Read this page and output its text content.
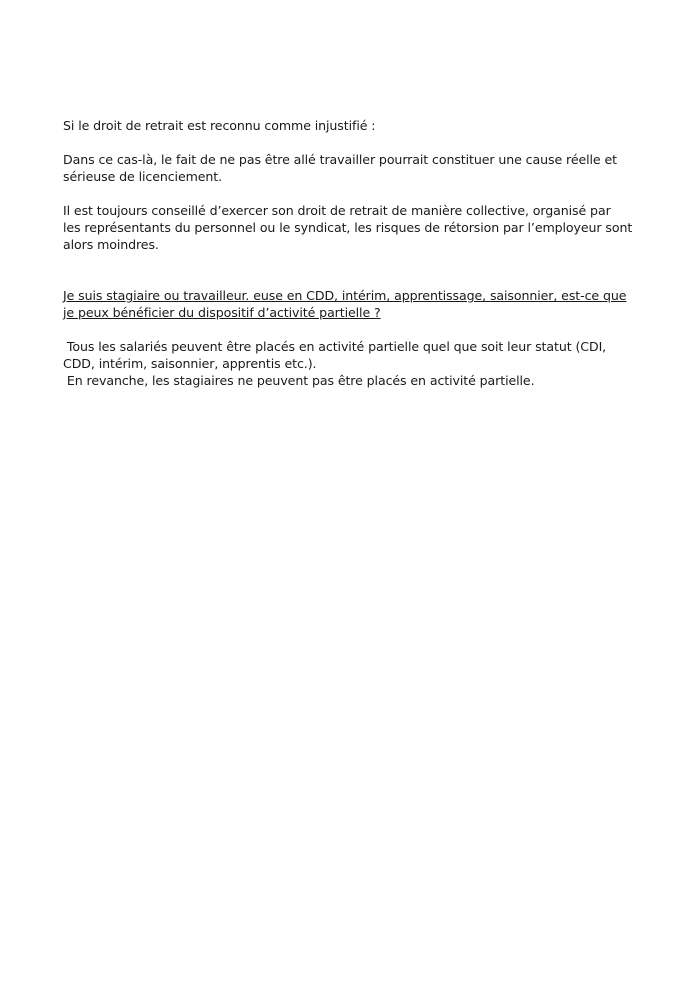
Si le droit de retrait est reconnu comme injustifié :
Dans ce cas-là, le fait de ne pas être allé travailler pourrait constituer une cause réelle et
sérieuse de licenciement.
Il est toujours conseillé d’exercer son droit de retrait de manière collective, organisé par
les représentants du personnel ou le syndicat, les risques de rétorsion par l’employeur sont
alors moindres.
Je suis stagiaire ou travailleur. euse en CDD, intérim, apprentissage, saisonnier, est-ce que
je peux bénéficier du dispositif d’activité partielle ?
Tous les salariés peuvent être placés en activité partielle quel que soit leur statut (CDI,
CDD, intérim, saisonnier, apprentis etc.).
En revanche, les stagiaires ne peuvent pas être placés en activité partielle.
